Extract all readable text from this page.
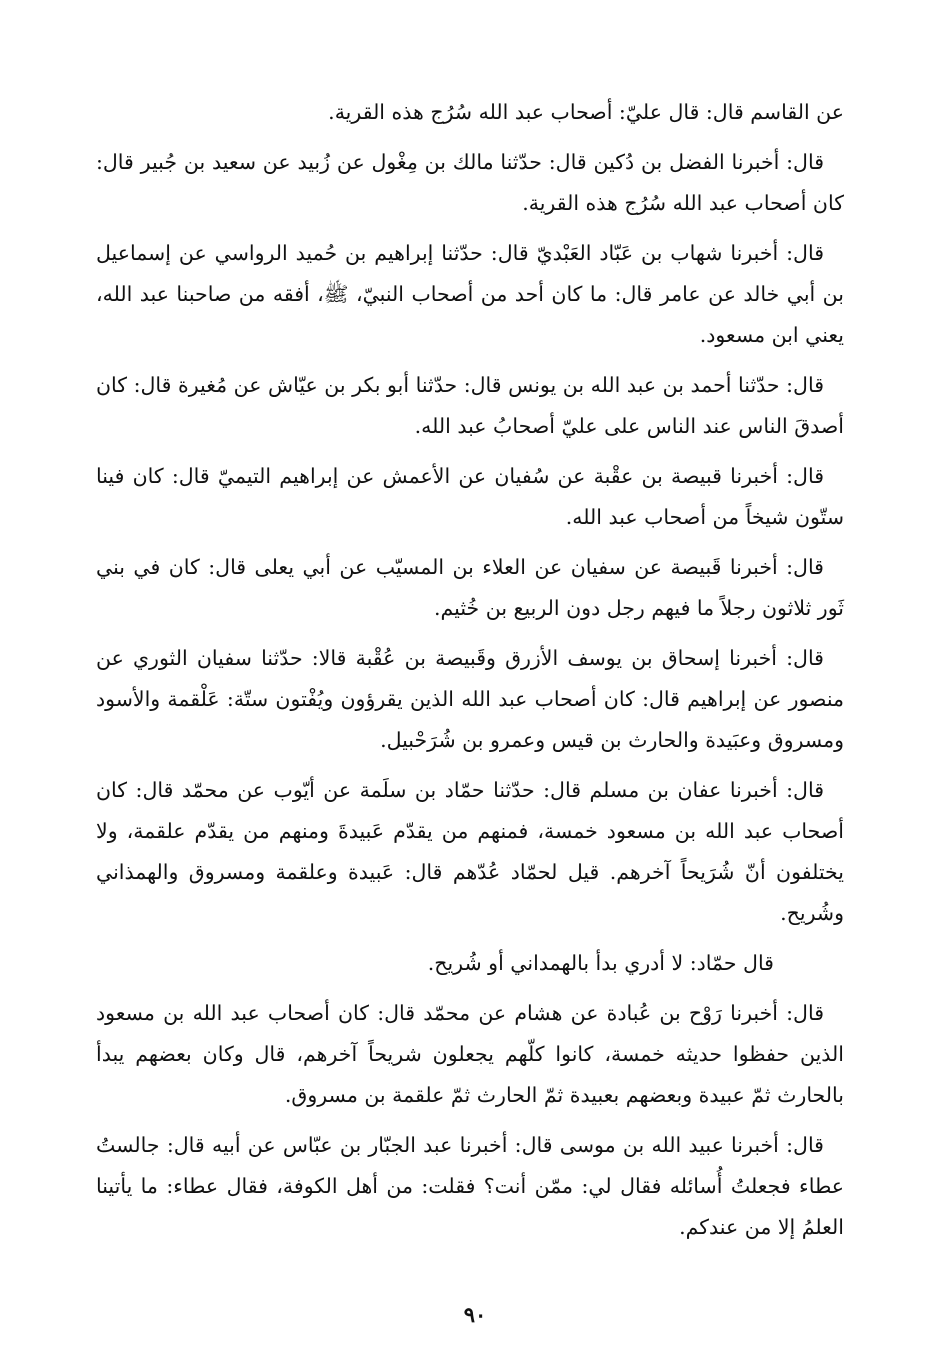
عن القاسم قال: قال عليّ: أصحاب عبد الله سُرُج هذه القرية.

قال: أخبرنا الفضل بن دُكين قال: حدّثنا مالك بن مِغْول عن زُبيد عن سعيد بن جُبير قال: كان أصحاب عبد الله سُرُج هذه القرية.

قال: أخبرنا شهاب بن عَبّاد العَبْديّ قال: حدّثنا إبراهيم بن حُميد الرواسي عن إسماعيل بن أبي خالد عن عامر قال: ما كان أحد من أصحاب النبيّ، ﷺ، أفقه من صاحبنا عبد الله، يعني ابن مسعود.

قال: حدّثنا أحمد بن عبد الله بن يونس قال: حدّثنا أبو بكر بن عيّاش عن مُغيرة قال: كان أصدقَ الناس عند الناس على عليّ أصحابُ عبد الله.

قال: أخبرنا قبيصة بن عقْبة عن سُفيان عن الأعمش عن إبراهيم التيميّ قال: كان فينا ستّون شيخاً من أصحاب عبد الله.

قال: أخبرنا قَبيصة عن سفيان عن العلاء بن المسيّب عن أبي يعلى قال: كان في بني ثَور ثلاثون رجلاً ما فيهم رجل دون الربيع بن خُثيم.

قال: أخبرنا إسحاق بن يوسف الأزرق وقَبيصة بن عُقْبة قالا: حدّثنا سفيان الثوري عن منصور عن إبراهيم قال: كان أصحاب عبد الله الذين يقرؤون ويُفْتون ستّة: عَلْقمة والأسود ومسروق وعبَيدة والحارث بن قيس وعمرو بن شُرَحْبيل.

قال: أخبرنا عفان بن مسلم قال: حدّثنا حمّاد بن سلَمة عن أيّوب عن محمّد قال: كان أصحاب عبد الله بن مسعود خمسة، فمنهم من يقدّم عَبيدةَ ومنهم من يقدّم علقمة، ولا يختلفون أنّ شُرَيحاً آخرهم. قيل لحمّاد عُدّهم قال: عَبيدة وعلقمة ومسروق والهمذاني وشُريح.

قال حمّاد: لا أدري بدأ بالهمداني أو شُريح.

قال: أخبرنا رَوْح بن عُبادة عن هشام عن محمّد قال: كان أصحاب عبد الله بن مسعود الذين حفظوا حديثه خمسة، كانوا كلّهم يجعلون شريحاً آخرهم، قال وكان بعضهم يبدأ بالحارث ثمّ عبيدة وبعضهم بعبيدة ثمّ الحارث ثمّ علقمة بن مسروق.

قال: أخبرنا عبيد الله بن موسى قال: أخبرنا عبد الجبّار بن عبّاس عن أبيه قال: جالستُ عطاء فجعلتُ أُسائله فقال لي: ممّن أنت؟ فقلت: من أهل الكوفة، فقال عطاء: ما يأتينا العلمُ إلا من عندكم.

٩٠
